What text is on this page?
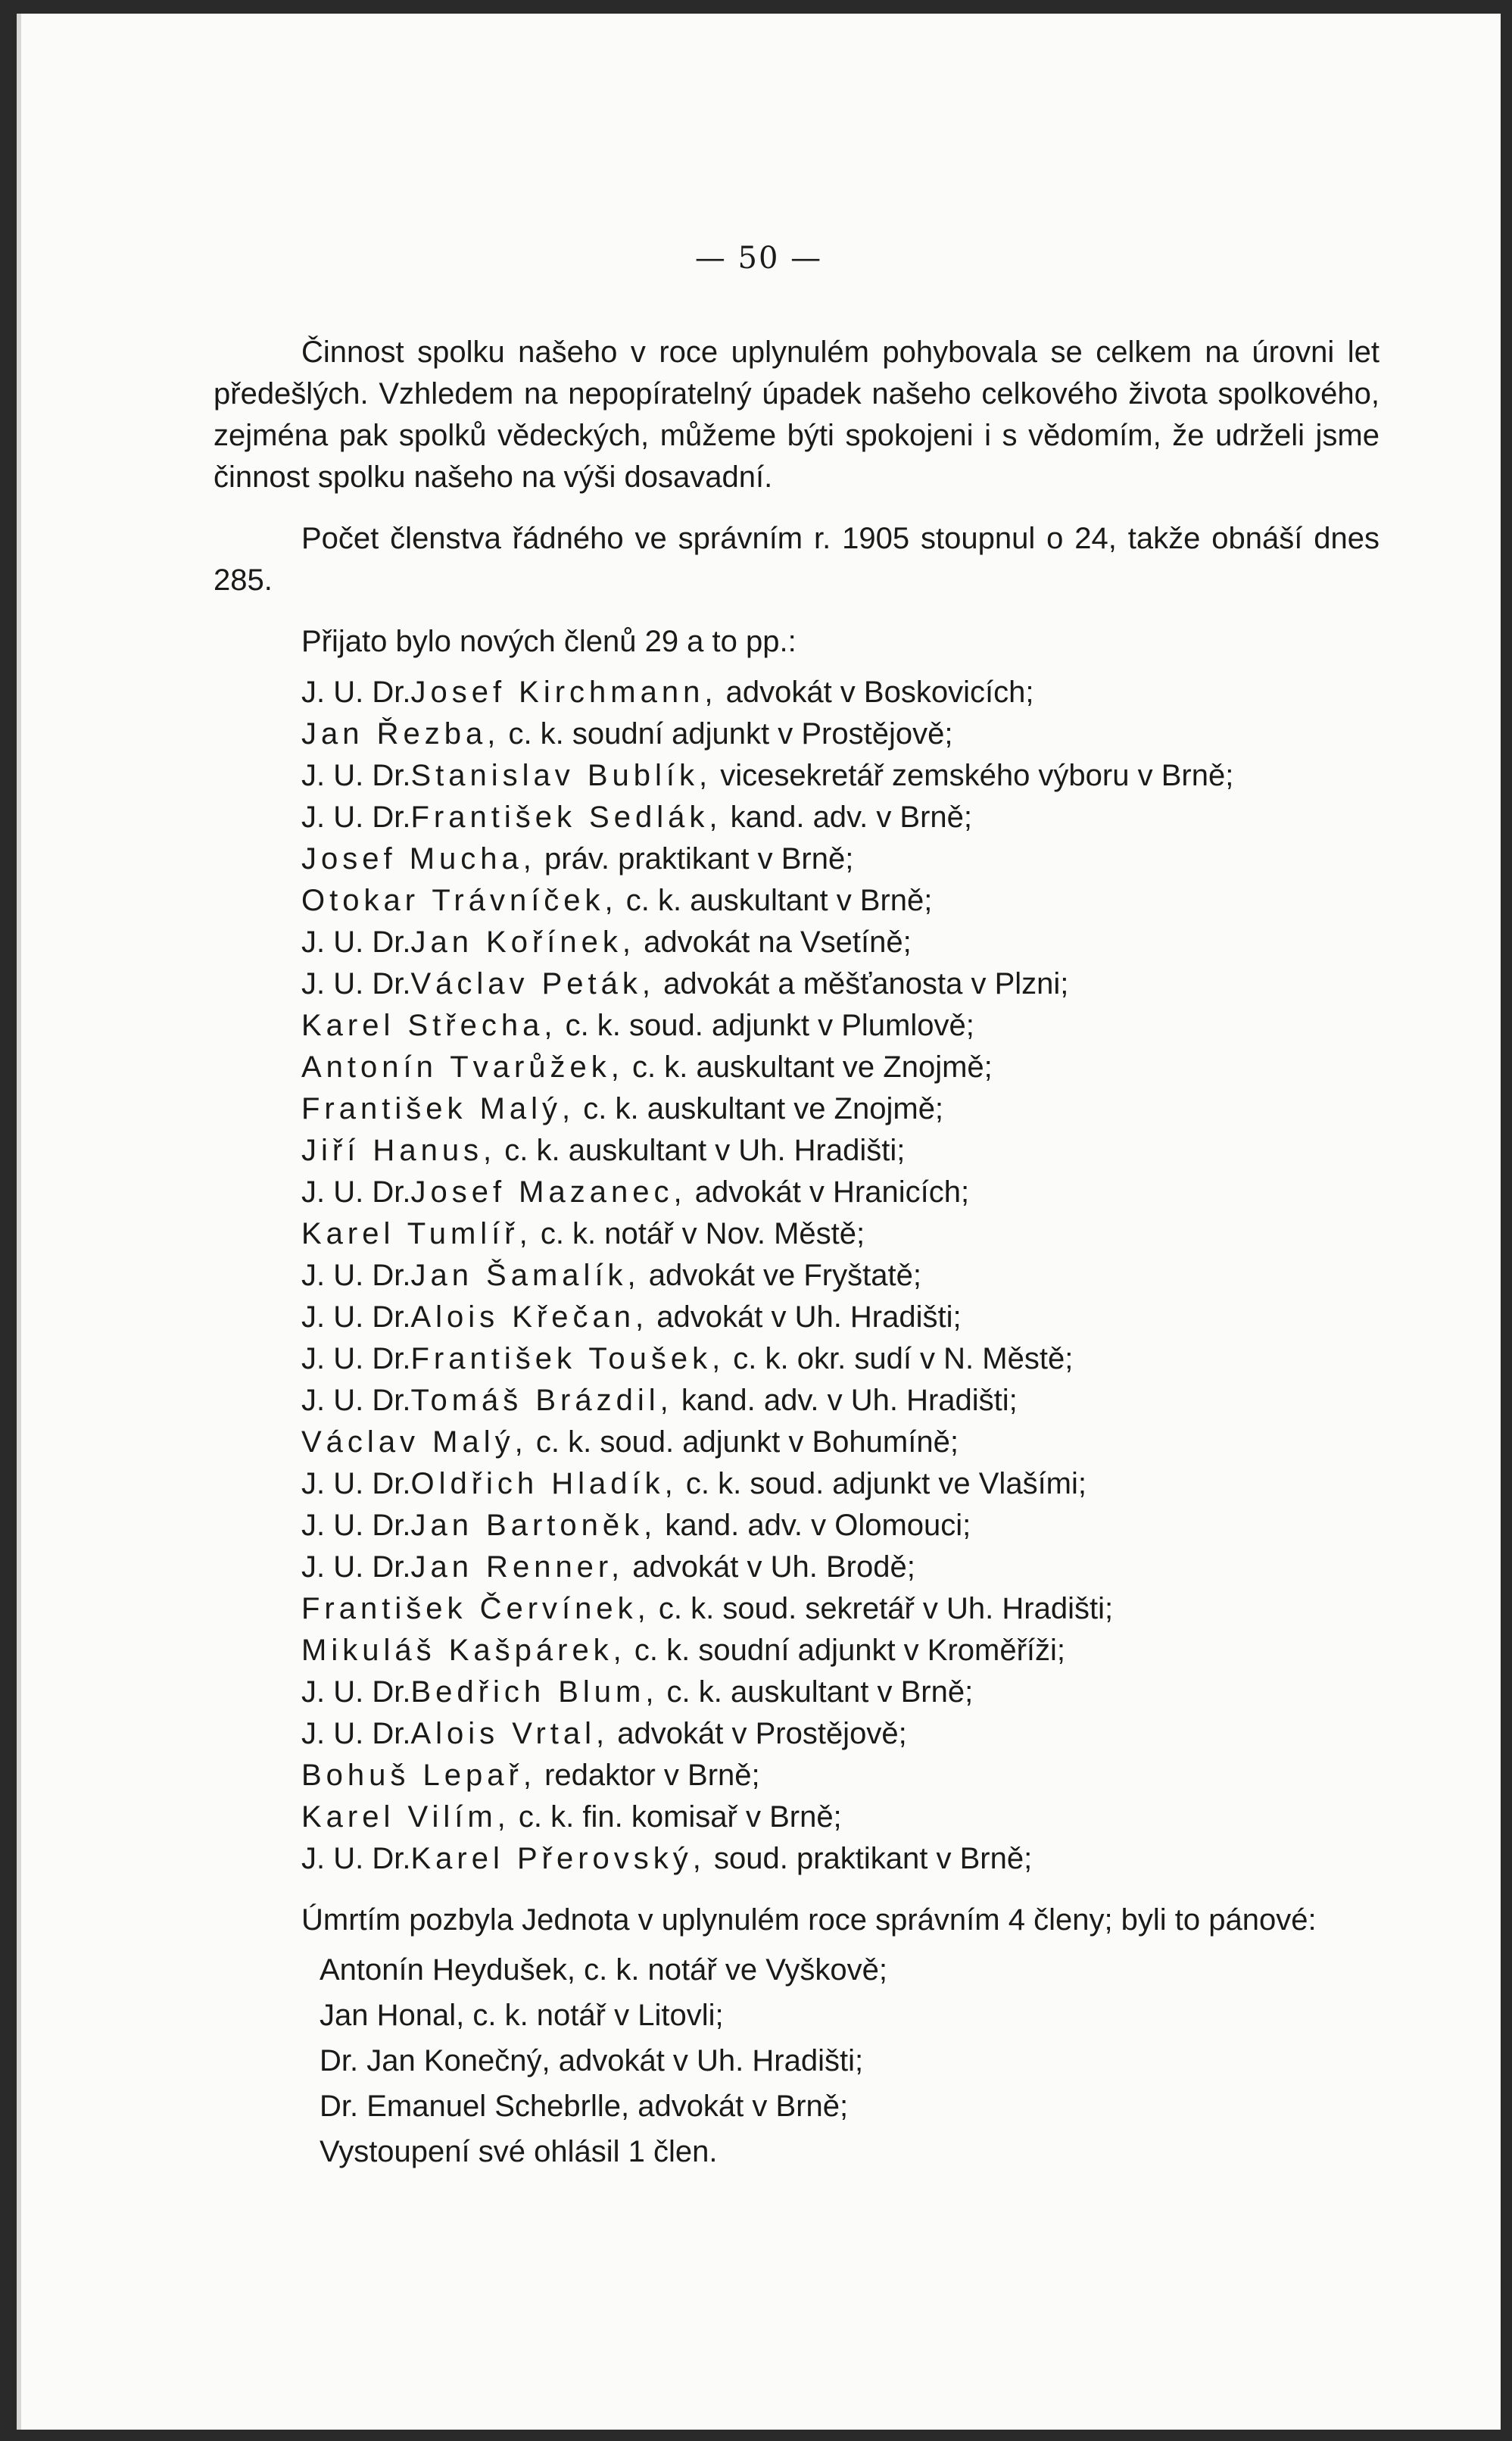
— 50 —

Činnost spolku našeho v roce uplynulém pohybovala se celkem na úrovni let předešlých. Vzhledem na nepopíratelný úpadek našeho celkového života spolkového, zejména pak spolků vědeckých, můžeme býti spokojeni i s vědomím, že udrželi jsme činnost spolku našeho na výši dosavadní.

Počet členstva řádného ve správním r. 1905 stoupnul o 24, takže obnáší dnes 285.

Přijato bylo nových členů 29 a to pp.:

J. U. Dr.Josef Kirchmann, advokát v Boskovicích;
Jan Řezba, c. k. soudní adjunkt v Prostějově;
J. U. Dr.Stanislav Bublík, vicesekretář zemského výboru v Brně;
J. U. Dr.František Sedlák, kand. adv. v Brně;
Josef Mucha, práv. praktikant v Brně;
Otokar Trávníček, c. k. auskultant v Brně;
J. U. Dr.Jan Kořínek, advokát na Vsetíně;
J. U. Dr.Václav Peták, advokát a měšťanosta v Plzni;
Karel Střecha, c. k. soud. adjunkt v Plumlově;
Antonín Tvarůžek, c. k. auskultant ve Znojmě;
František Malý, c. k. auskultant ve Znojmě;
Jiří Hanus, c. k. auskultant v Uh. Hradišti;
J. U. Dr.Josef Mazanec, advokát v Hranicích;
Karel Tumlíř, c. k. notář v Nov. Městě;
J. U. Dr.Jan Šamalík, advokát ve Fryštatě;
J. U. Dr.Alois Křečan, advokát v Uh. Hradišti;
J. U. Dr.František Toušek, c. k. okr. sudí v N. Městě;
J. U. Dr.Tomáš Brázdil, kand. adv. v Uh. Hradišti;
Václav Malý, c. k. soud. adjunkt v Bohumíně;
J. U. Dr.Oldřich Hladík, c. k. soud. adjunkt ve Vlašími;
J. U. Dr.Jan Bartoněk, kand. adv. v Olomouci;
J. U. Dr.Jan Renner, advokát v Uh. Brodě;
František Červínek, c. k. soud. sekretář v Uh. Hradišti;
Mikuláš Kašpárek, c. k. soudní adjunkt v Kroměříži;
J. U. Dr.Bedřich Blum, c. k. auskultant v Brně;
J. U. Dr.Alois Vrtal, advokát v Prostějově;
Bohuš Lepař, redaktor v Brně;
Karel Vilím, c. k. fin. komisař v Brně;
J. U. Dr.Karel Přerovský, soud. praktikant v Brně;

Úmrtím pozbyla Jednota v uplynulém roce správním 4 členy; byli to pánové:

Antonín Heydušek, c. k. notář ve Vyškově;
Jan Honal, c. k. notář v Litovli;
Dr. Jan Konečný, advokát v Uh. Hradišti;
Dr. Emanuel Schebrlle, advokát v Brně;

Vystoupení své ohlásil 1 člen.
